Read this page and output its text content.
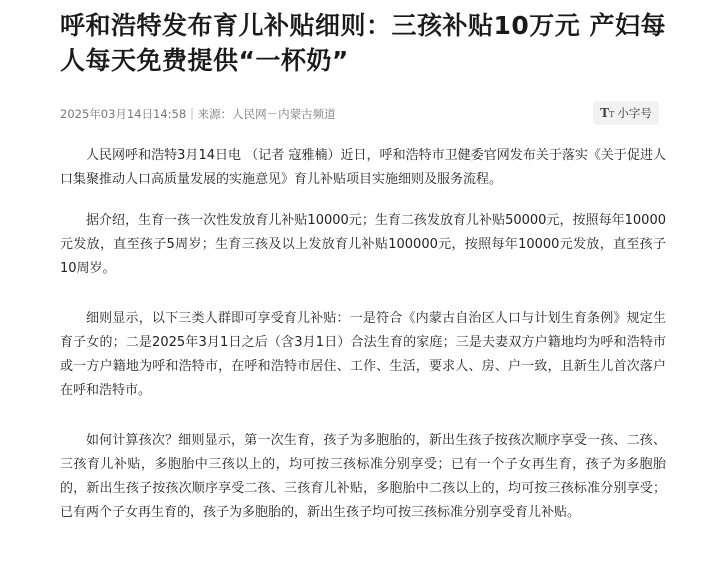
呼和浩特发布育儿补贴细则：三孩补贴10万元 产妇每人每天免费提供“一杯奶”
2025年03月14日14:58｜来源：人民网－内蒙古频道	TT 小字号

人民网呼和浩特3月14日电 （记者 寇雅楠）近日，呼和浩特市卫健委官网发布关于落实《关于促进人口集聚推动人口高质量发展的实施意见》育儿补贴项目实施细则及服务流程。

据介绍，生育一孩一次性发放育儿补贴10000元；生育二孩发放育儿补贴50000元，按照每年10000元发放，直至孩子5周岁；生育三孩及以上发放育儿补贴100000元，按照每年10000元发放，直至孩子10周岁。

细则显示，以下三类人群即可享受育儿补贴：一是符合《内蒙古自治区人口与计划生育条例》规定生育子女的；二是2025年3月1日之后（含3月1日）合法生育的家庭；三是夫妻双方户籍地均为呼和浩特市或一方户籍地为呼和浩特市，在呼和浩特市居住、工作、生活，要求人、房、户一致，且新生儿首次落户在呼和浩特市。

如何计算孩次？细则显示，第一次生育，孩子为多胞胎的，新出生孩子按孩次顺序享受一孩、二孩、三孩育儿补贴，多胞胎中三孩以上的，均可按三孩标准分别享受；已有一个子女再生育，孩子为多胞胎的，新出生孩子按孩次顺序享受二孩、三孩育儿补贴，多胞胎中二孩以上的，均可按三孩标准分别享受；已有两个子女再生育的，孩子为多胞胎的，新出生孩子均可按三孩标准分别享受育儿补贴。
